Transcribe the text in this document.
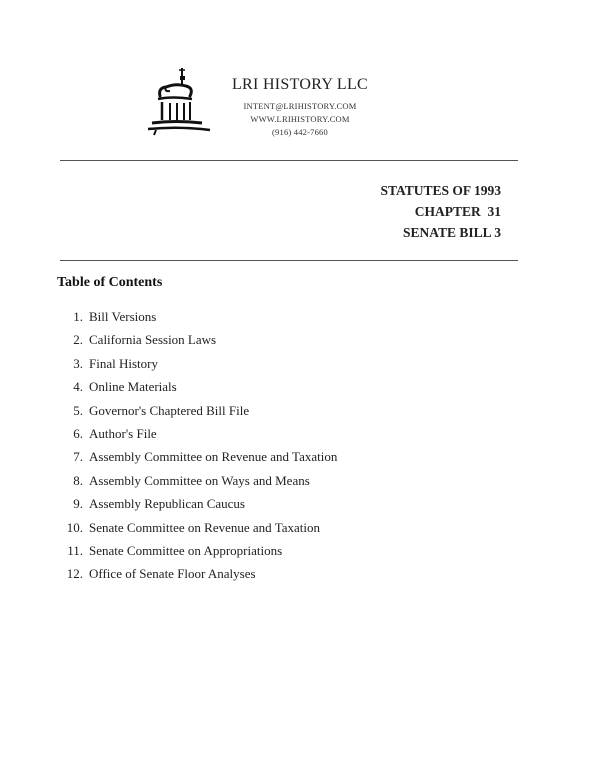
LRI HISTORY LLC
INTENT@LRIHISTORY.COM
WWW.LRIHISTORY.COM
(916) 442-7660
STATUTES OF 1993
CHAPTER  31
SENATE BILL 3
Table of Contents
1. Bill Versions
2. California Session Laws
3. Final History
4. Online Materials
5. Governor's Chaptered Bill File
6. Author's File
7. Assembly Committee on Revenue and Taxation
8. Assembly Committee on Ways and Means
9. Assembly Republican Caucus
10. Senate Committee on Revenue and Taxation
11. Senate Committee on Appropriations
12. Office of Senate Floor Analyses
